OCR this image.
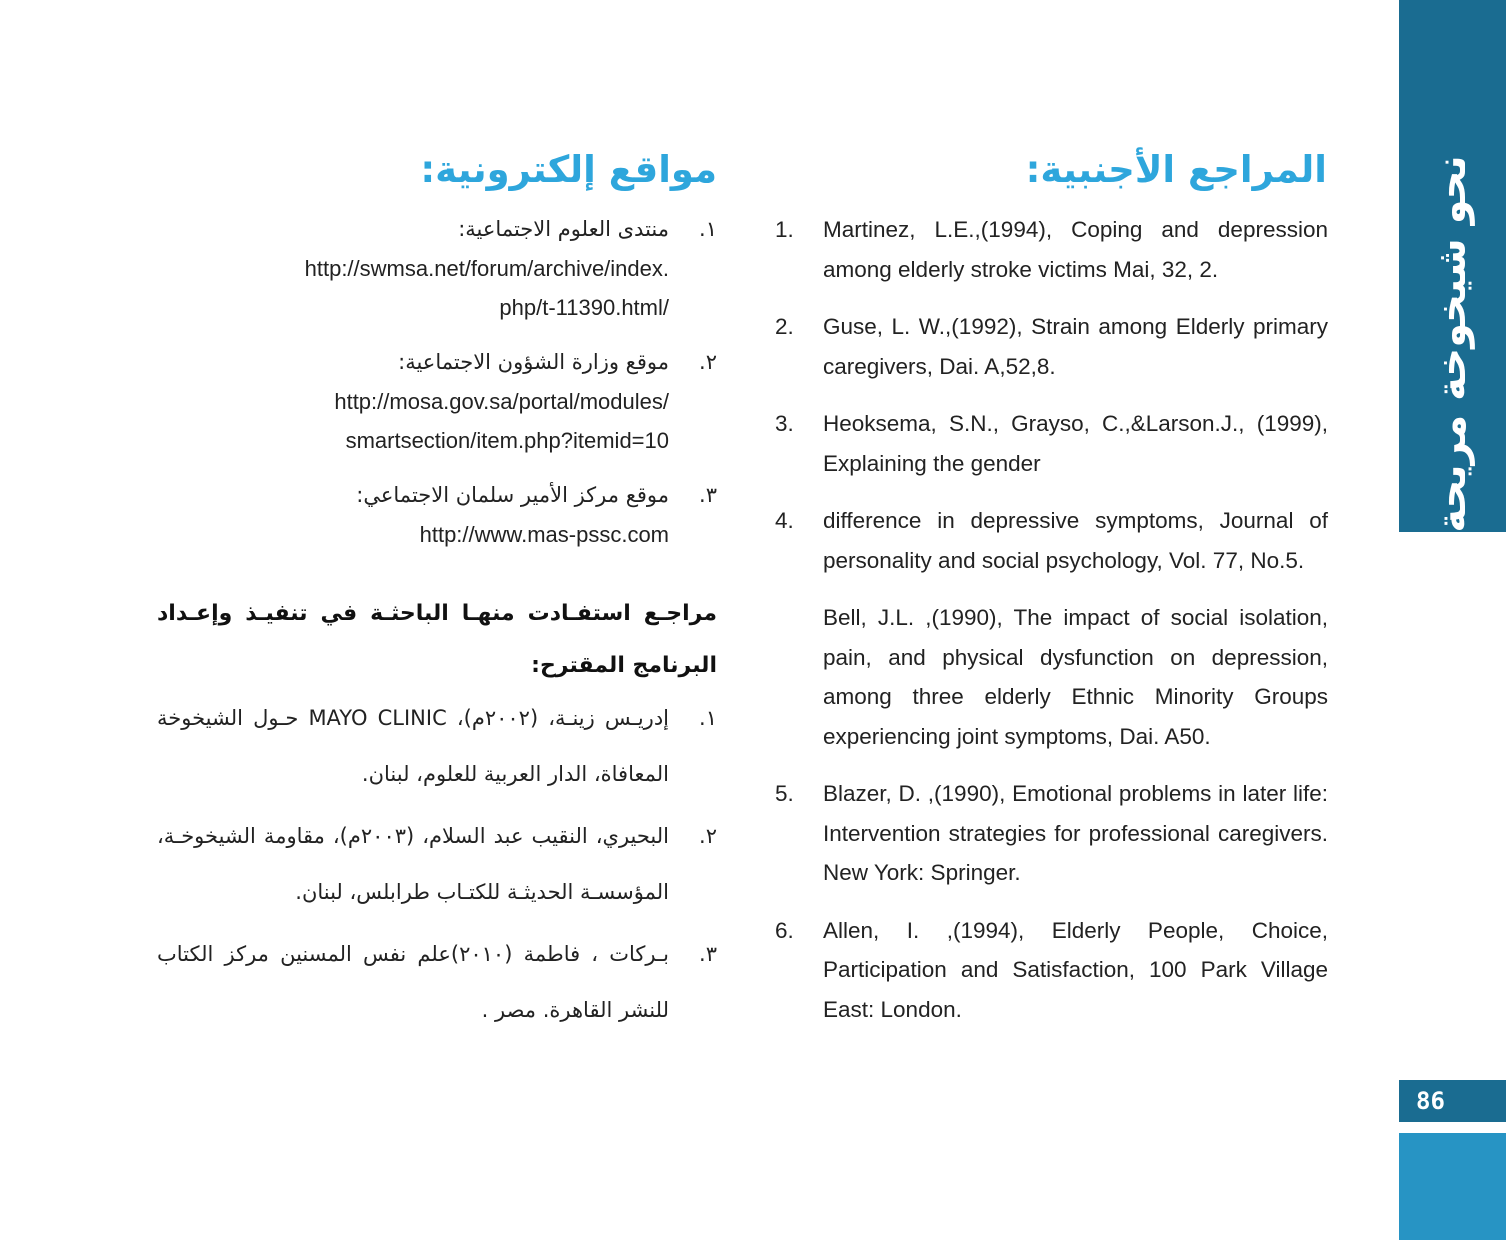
نحو شيخوخة مريحة
86
المراجع الأجنبية:
مواقع إلكترونية:
1. Martinez, L.E.,(1994), Coping and depression among elderly stroke victims Mai, 32, 2.
2. Guse, L. W.,(1992), Strain among Elderly primary caregivers, Dai. A,52,8.
3. Heoksema, S.N., Grayso, C.,&Larson.J., (1999), Explaining the gender
4. difference in depressive symptoms, Journal of personality and social psychology, Vol. 77, No.5.
Bell, J.L. ,(1990), The impact of social isolation, pain, and physical dysfunction on depression, among three elderly Ethnic Minority Groups experiencing joint symptoms, Dai. A50.
5. Blazer, D. ,(1990), Emotional problems in later life: Intervention strategies for professional caregivers. New York: Springer.
6. Allen, I. ,(1994), Elderly People, Choice, Participation and Satisfaction, 100 Park Village East: London.
١.
منتدى العلوم الاجتماعية:
http://swmsa.net/forum/archive/index.
php/t-11390.html/
٢.
موقع وزارة الشؤون الاجتماعية:
http://mosa.gov.sa/portal/modules/
smartsection/item.php?itemid=10
٣.
موقع مركز الأمير سلمان الاجتماعي:
http://www.mas-pssc.com
مراجـع استفـادت منهـا الباحثـة في تنفيـذ وإعـداد البرنامج المقترح:
١.
إدريـس زينـة، (٢٠٠٢م)، MAYO CLINIC حـول الشيخوخة المعافاة، الدار العربية للعلوم، لبنان.
٢.
البحيري، النقيب عبد السلام، (٢٠٠٣م)، مقاومة الشيخوخـة، المؤسسـة الحديثـة للكتـاب طرابلس، لبنان.
٣.
بـركات ، فاطمة (٢٠١٠)علم نفس المسنين مركز الكتاب للنشر القاهرة. مصر .
